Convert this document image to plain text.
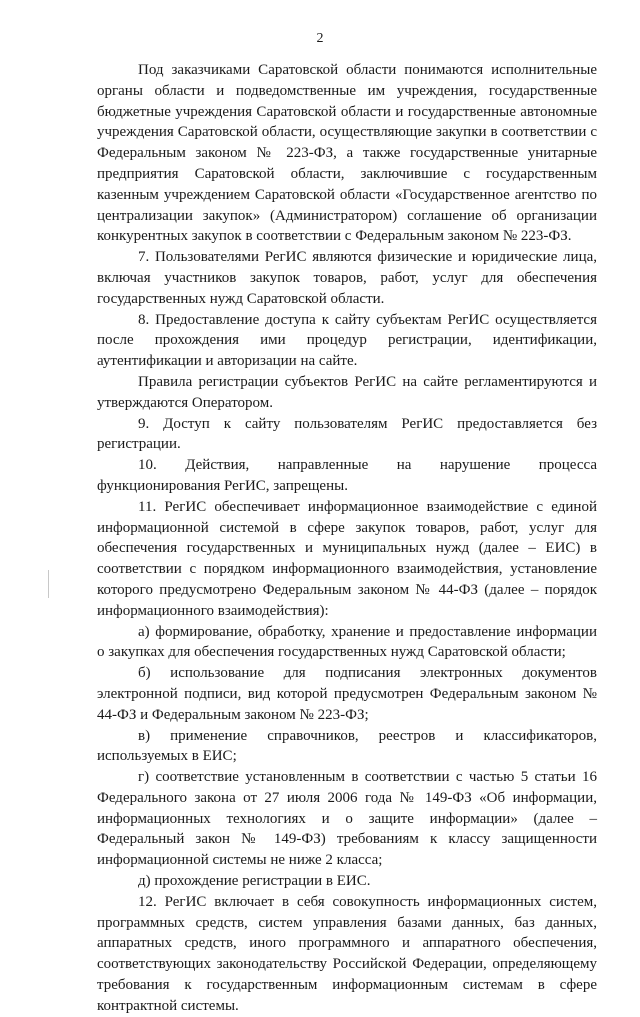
2

Под заказчиками Саратовской области понимаются исполнительные органы области и подведомственные им учреждения, государственные бюджетные учреждения Саратовской области и государственные автономные учреждения Саратовской области, осуществляющие закупки в соответствии с Федеральным законом № 223-ФЗ, а также государственные унитарные предприятия Саратовской области, заключившие с государственным казенным учреждением Саратовской области «Государственное агентство по централизации закупок» (Администратором) соглашение об организации конкурентных закупок в соответствии с Федеральным законом № 223-ФЗ.

7. Пользователями РегИС являются физические и юридические лица, включая участников закупок товаров, работ, услуг для обеспечения государственных нужд Саратовской области.

8. Предоставление доступа к сайту субъектам РегИС осуществляется после прохождения ими процедур регистрации, идентификации, аутентификации и авторизации на сайте.

Правила регистрации субъектов РегИС на сайте регламентируются и утверждаются Оператором.

9. Доступ к сайту пользователям РегИС предоставляется без регистрации.

10. Действия, направленные на нарушение процесса функционирования РегИС, запрещены.

11. РегИС обеспечивает информационное взаимодействие с единой информационной системой в сфере закупок товаров, работ, услуг для обеспечения государственных и муниципальных нужд (далее – ЕИС) в соответствии с порядком информационного взаимодействия, установление которого предусмотрено Федеральным законом № 44-ФЗ (далее – порядок информационного взаимодействия):

а) формирование, обработку, хранение и предоставление информации о закупках для обеспечения государственных нужд Саратовской области;

б) использование для подписания электронных документов электронной подписи, вид которой предусмотрен Федеральным законом № 44-ФЗ и Федеральным законом № 223-ФЗ;

в) применение справочников, реестров и классификаторов, используемых в ЕИС;

г) соответствие установленным в соответствии с частью 5 статьи 16 Федерального закона от 27 июля 2006 года № 149-ФЗ «Об информации, информационных технологиях и о защите информации» (далее – Федеральный закон № 149-ФЗ) требованиям к классу защищенности информационной системы не ниже 2 класса;

д) прохождение регистрации в ЕИС.

12. РегИС включает в себя совокупность информационных систем, программных средств, систем управления базами данных, баз данных, аппаратных средств, иного программного и аппаратного обеспечения, соответствующих законодательству Российской Федерации, определяющему требования к государственным информационным системам в сфере контрактной системы.
